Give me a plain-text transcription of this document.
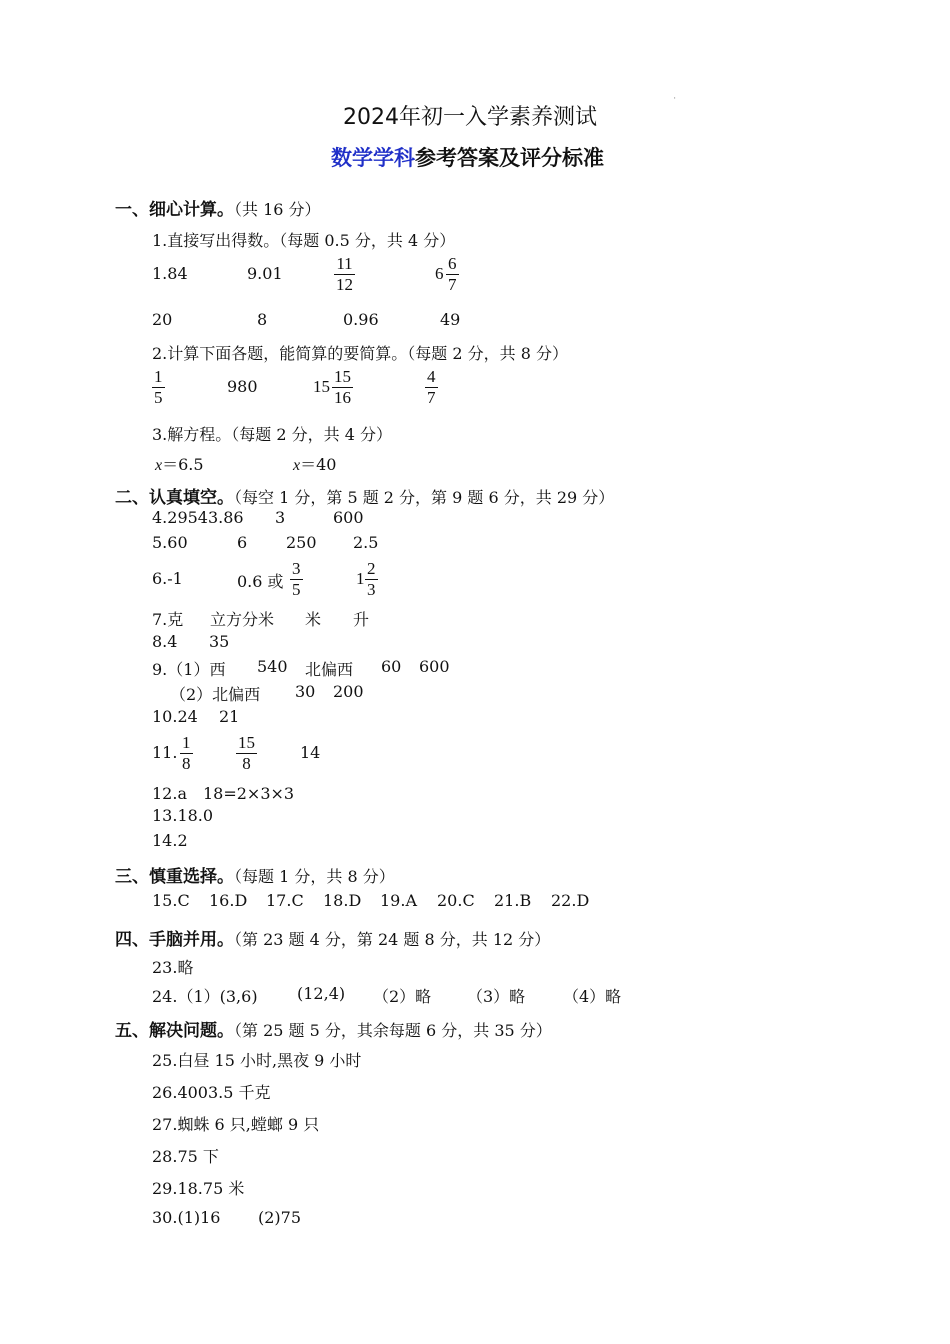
'
2024年初一入学素养测试
数学学科参考答案及评分标准
一、细心计算。（共 16 分）
1.直接写出得数。（每题 0.5 分，共 4 分）
1.84	9.01	$\frac{11}{12}$	$6 \frac{6}{7}$
20	8	0.96	49
2.计算下面各题，能简算的要简算。（每题 2 分，共 8 分）
$\frac{1}{5}$	980	$15 \frac{15}{16}$	$\frac{4}{7}$
3.解方程。（每题 2 分，共 4 分）
x＝6.5	x＝40
二、认真填空。（每空 1 分，第 5 题 2 分，第 9 题 6 分，共 29 分）
4.29543.86 3	600
5.60	6 250 2.5
6.-1	0.6 或 $\frac{3}{5}$	$1 \frac{2}{3}$
7.克 立方分米 米 升
8.4 35
9.（1）西 540 北偏西 60 600
（2）北偏西 30 200
10.24 21
11. $\frac{1}{8}$	$\frac{15}{8}$	14
12.a　18=2×3×3
13.18.0
14.2
三、慎重选择。（每题 1 分，共 8 分）
15.C 16.D 17.C 18.D 19.A 20.C 21.B 22.D
四、手脑并用。（第 23 题 4 分，第 24 题 8 分，共 12 分）
23.略
24.（1）(3,6) (12,4) （2）略 （3）略 （4）略
五、解决问题。（第 25 题 5 分，其余每题 6 分，共 35 分）
25.白昼 15 小时,黑夜 9 小时
26.4003.5 千克
27.蜘蛛 6 只,螳螂 9 只
28.75 下
29.18.75 米
30.(1)16 (2)75
